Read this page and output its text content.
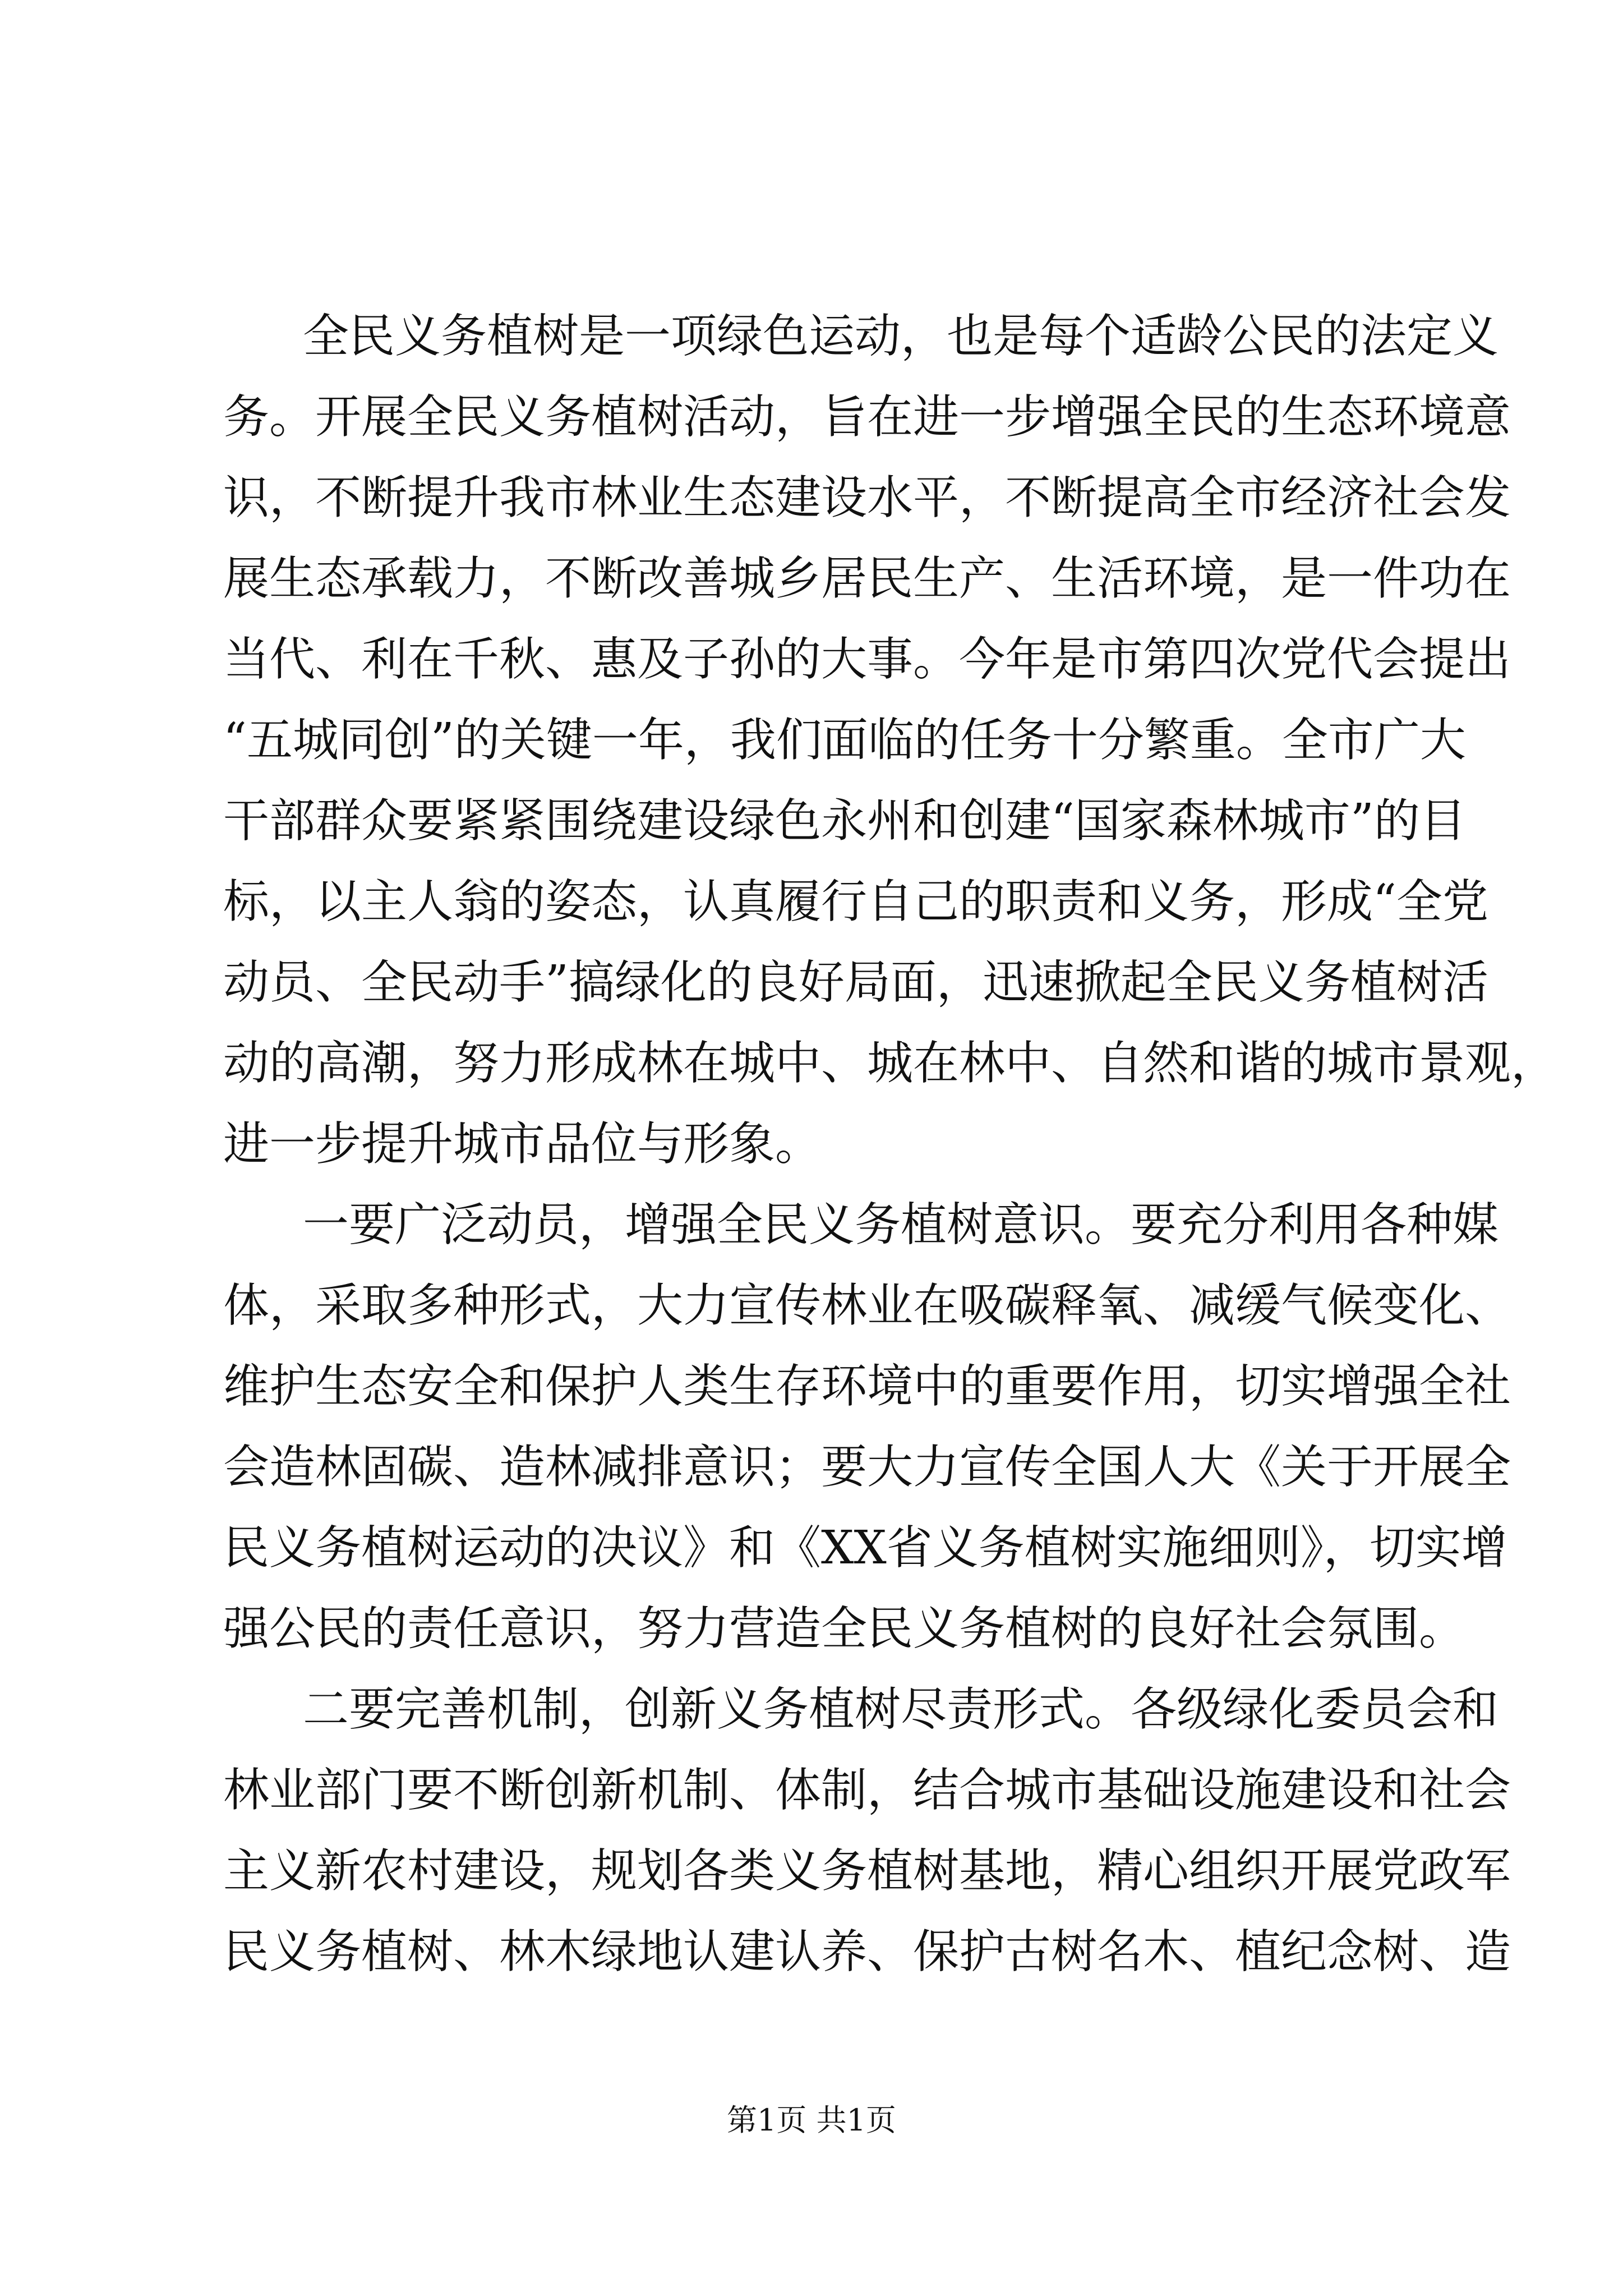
全民义务植树是一项绿色运动，也是每个适龄公民的法定义
务。开展全民义务植树活动，旨在进一步增强全民的生态环境意
识，不断提升我市林业生态建设水平，不断提高全市经济社会发
展生态承载力，不断改善城乡居民生产、生活环境，是一件功在
当代、利在千秋、惠及子孙的大事。今年是市第四次党代会提出
“五城同创”的关键一年，我们面临的任务十分繁重。全市广大
干部群众要紧紧围绕建设绿色永州和创建“国家森林城市”的目
标，以主人翁的姿态，认真履行自己的职责和义务，形成“全党
动员、全民动手”搞绿化的良好局面，迅速掀起全民义务植树活
动的高潮，努力形成林在城中、城在林中、自然和谐的城市景观，
进一步提升城市品位与形象。
一要广泛动员，增强全民义务植树意识。要充分利用各种媒
体，采取多种形式，大力宣传林业在吸碳释氧、减缓气候变化、
维护生态安全和保护人类生存环境中的重要作用，切实增强全社
会造林固碳、造林减排意识；要大力宣传全国人大《关于开展全
民义务植树运动的决议》和《XX省义务植树实施细则》，切实增
强公民的责任意识，努力营造全民义务植树的良好社会氛围。
二要完善机制，创新义务植树尽责形式。各级绿化委员会和
林业部门要不断创新机制、体制，结合城市基础设施建设和社会
主义新农村建设，规划各类义务植树基地，精心组织开展党政军
民义务植树、林木绿地认建认养、保护古树名木、植纪念树、造
第1页 共1页
